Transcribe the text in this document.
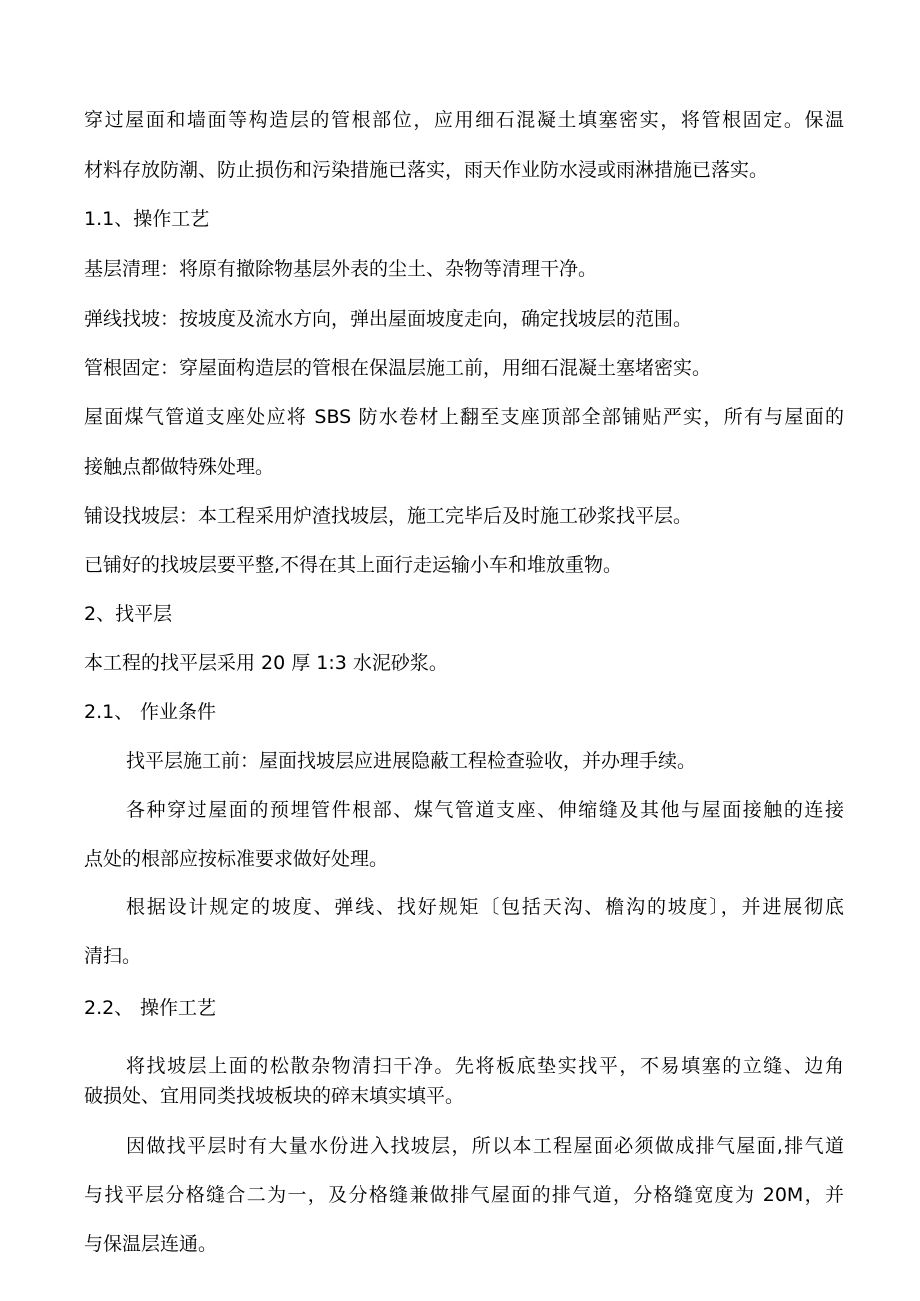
穿过屋面和墙面等构造层的管根部位，应用细石混凝土填塞密实，将管根固定。保温
材料存放防潮、防止损伤和污染措施已落实，雨天作业防水浸或雨淋措施已落实。
1.1、操作工艺
基层清理：将原有撤除物基层外表的尘土、杂物等清理干净。
弹线找坡：按坡度及流水方向，弹出屋面坡度走向，确定找坡层的范围。
管根固定：穿屋面构造层的管根在保温层施工前，用细石混凝土塞堵密实。
屋面煤气管道支座处应将 SBS 防水卷材上翻至支座顶部全部铺贴严实，所有与屋面的
接触点都做特殊处理。
铺设找坡层：本工程采用炉渣找坡层，施工完毕后及时施工砂浆找平层。
已铺好的找坡层要平整,不得在其上面行走运输小车和堆放重物。
2、找平层
本工程的找平层采用 20 厚 1:3 水泥砂浆。
2.1、 作业条件
找平层施工前：屋面找坡层应进展隐蔽工程检查验收，并办理手续。
各种穿过屋面的预埋管件根部、煤气管道支座、伸缩缝及其他与屋面接触的连接
点处的根部应按标准要求做好处理。
根据设计规定的坡度、弹线、找好规矩〔包括天沟、檐沟的坡度〕，并进展彻底
清扫。
2.2、 操作工艺
将找坡层上面的松散杂物清扫干净。先将板底垫实找平，不易填塞的立缝、边角
破损处、宜用同类找坡板块的碎末填实填平。
因做找平层时有大量水份进入找坡层，所以本工程屋面必须做成排气屋面,排气道
与找平层分格缝合二为一，及分格缝兼做排气屋面的排气道，分格缝宽度为 20M，并
与保温层连通。
